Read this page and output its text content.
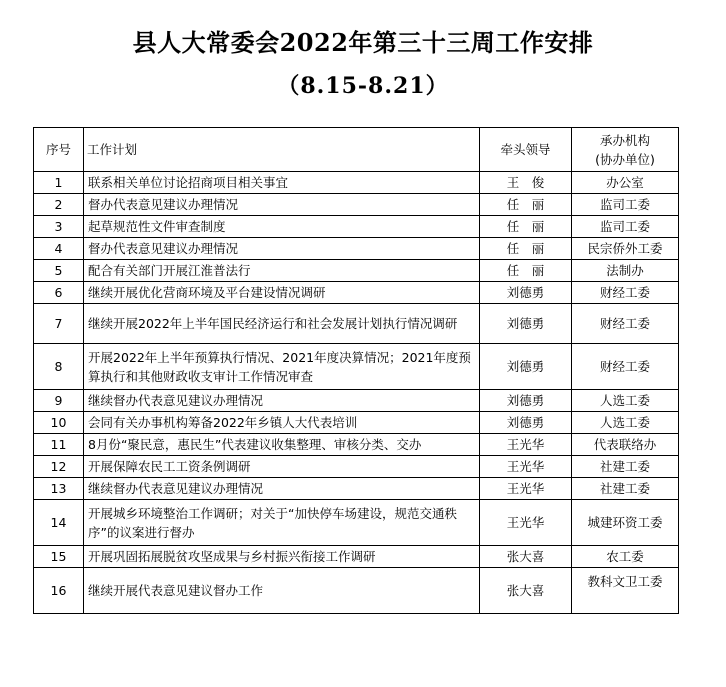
县人大常委会2022年第三十三周工作安排
（8.15-8.21）
序号	工作计划	牵头领导	承办机构
(协办单位)
1	联系相关单位讨论招商项目相关事宜	王　俊	办公室
2	督办代表意见建议办理情况	任　丽	监司工委
3	起草规范性文件审查制度	任　丽	监司工委
4	督办代表意见建议办理情况	任　丽	民宗侨外工委
5	配合有关部门开展江淮普法行	任　丽	法制办
6	继续开展优化营商环境及平台建设情况调研	刘德勇	财经工委
7	继续开展2022年上半年国民经济运行和社会发展计划执行情况调研	刘德勇	财经工委
8	开展2022年上半年预算执行情况、2021年度决算情况；2021年度预算执行和其他财政收支审计工作情况审查	刘德勇	财经工委
9	继续督办代表意见建议办理情况	刘德勇	人选工委
10	会同有关办事机构筹备2022年乡镇人大代表培训	刘德勇	人选工委
11	8月份“聚民意，惠民生”代表建议收集整理、审核分类、交办	王光华	代表联络办
12	开展保障农民工工资条例调研	王光华	社建工委
13	继续督办代表意见建议办理情况	王光华	社建工委
14	开展城乡环境整治工作调研；对关于“加快停车场建设，规范交通秩序”的议案进行督办	王光华	城建环资工委
15	开展巩固拓展脱贫攻坚成果与乡村振兴衔接工作调研	张大喜	农工委
16	继续开展代表意见建议督办工作	张大喜	教科文卫工委
